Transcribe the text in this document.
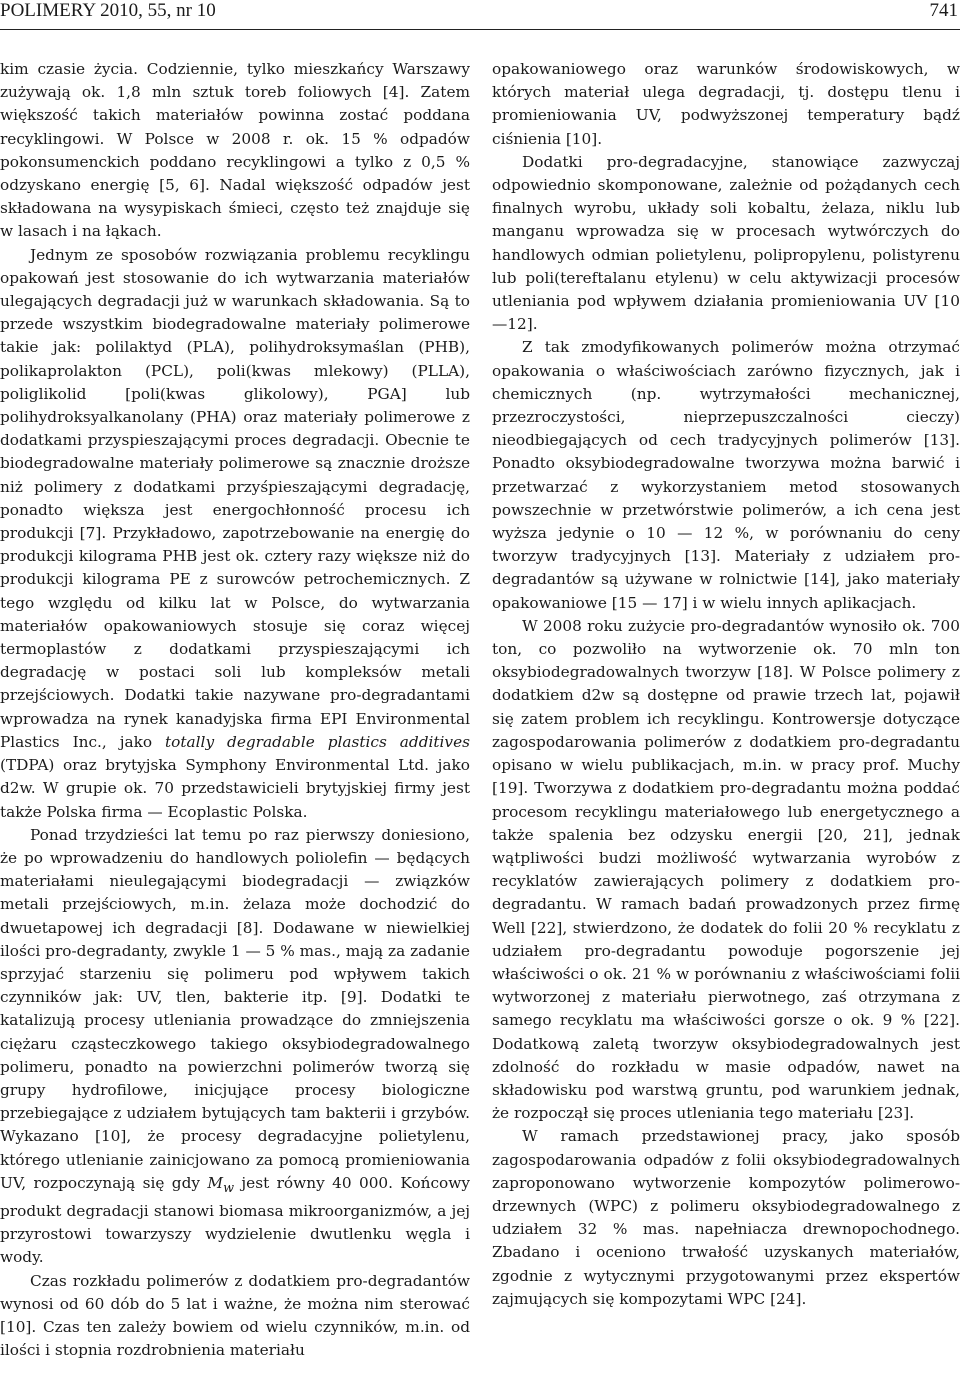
POLIMERY 2010, 55, nr 10	741

kim czasie życia. Codziennie, tylko mieszkańcy Warszawy zużywają ok. 1,8 mln sztuk toreb foliowych [4]. Zatem większość takich materiałów powinna zostać poddana recyklingowi. W Polsce w 2008 r. ok. 15 % odpadów pokonsumenckich poddano recyklingowi a tylko z 0,5 % odzyskano energię [5, 6]. Nadal większość odpadów jest składowana na wysypiskach śmieci, często też znajduje się w lasach i na łąkach.

Jednym ze sposobów rozwiązania problemu recyklingu opakowań jest stosowanie do ich wytwarzania materiałów ulegających degradacji już w warunkach składowania. Są to przede wszystkim biodegradowalne materiały polimerowe takie jak: polilaktyd (PLA), polihydroksymaślan (PHB), polikaprolakton (PCL), poli(kwas mlekowy) (PLLA), poliglikolid [poli(kwas glikolowy), PGA] lub polihydroksyalkanolany (PHA) oraz materiały polimerowe z dodatkami przyspieszającymi proces degradacji. Obecnie te biodegradowalne materiały polimerowe są znacznie droższe niż polimery z dodatkami przyśpieszającymi degradację, ponadto większa jest energochłonność procesu ich produkcji [7]. Przykładowo, zapotrzebowanie na energię do produkcji kilograma PHB jest ok. cztery razy większe niż do produkcji kilograma PE z surowców petrochemicznych. Z tego względu od kilku lat w Polsce, do wytwarzania materiałów opakowaniowych stosuje się coraz więcej termoplastów z dodatkami przyspieszającymi ich degradację w postaci soli lub kompleksów metali przejściowych. Dodatki takie nazywane pro-degradantami wprowadza na rynek kanadyjska firma EPI Environmental Plastics Inc., jako totally degradable plastics additives (TDPA) oraz brytyjska Symphony Environmental Ltd. jako d2w. W grupie ok. 70 przedstawicieli brytyjskiej firmy jest także Polska firma — Ecoplastic Polska.

Ponad trzydzieści lat temu po raz pierwszy doniesiono, że po wprowadzeniu do handlowych poliolefin — będących materiałami nieulegającymi biodegradacji — związków metali przejściowych, m.in. żelaza może dochodzić do dwuetapowej ich degradacji [8]. Dodawane w niewielkiej ilości pro-degradanty, zwykle 1 — 5 % mas., mają za zadanie sprzyjać starzeniu się polimeru pod wpływem takich czynników jak: UV, tlen, bakterie itp. [9]. Dodatki te katalizują procesy utleniania prowadzące do zmniejszenia ciężaru cząsteczkowego takiego oksybiodegradowalnego polimeru, ponadto na powierzchni polimerów tworzą się grupy hydrofilowe, inicjujące procesy biologiczne przebiegające z udziałem bytujących tam bakterii i grzybów. Wykazano [10], że procesy degradacyjne polietylenu, którego utlenianie zainicjowano za pomocą promieniowania UV, rozpoczynają się gdy $M_w$ jest równy 40 000. Końcowy produkt degradacji stanowi biomasa mikroorganizmów, a jej przyrostowi towarzyszy wydzielenie dwutlenku węgla i wody.

Czas rozkładu polimerów z dodatkiem pro-degradantów wynosi od 60 dób do 5 lat i ważne, że można nim sterować [10]. Czas ten zależy bowiem od wielu czynników, m.in. od ilości i stopnia rozdrobnienia materiału

opakowaniowego oraz warunków środowiskowych, w których materiał ulega degradacji, tj. dostępu tlenu i promieniowania UV, podwyższonej temperatury bądź ciśnienia [10].

Dodatki pro-degradacyjne, stanowiące zazwyczaj odpowiednio skomponowane, zależnie od pożądanych cech finalnych wyrobu, układy soli kobaltu, żelaza, niklu lub manganu wprowadza się w procesach wytwórczych do handlowych odmian polietylenu, polipropylenu, polistyrenu lub poli(tereftalanu etylenu) w celu aktywizacji procesów utleniania pod wpływem działania promieniowania UV [10—12].

Z tak zmodyfikowanych polimerów można otrzymać opakowania o właściwościach zarówno fizycznych, jak i chemicznych (np. wytrzymałości mechanicznej, przezroczystości, nieprzepuszczalności cieczy) nieodbiegających od cech tradycyjnych polimerów [13]. Ponadto oksybiodegradowalne tworzywa można barwić i przetwarzać z wykorzystaniem metod stosowanych powszechnie w przetwórstwie polimerów, a ich cena jest wyższa jedynie o 10 — 12 %, w porównaniu do ceny tworzyw tradycyjnych [13]. Materiały z udziałem pro-degradantów są używane w rolnictwie [14], jako materiały opakowaniowe [15 — 17] i w wielu innych aplikacjach.

W 2008 roku zużycie pro-degradantów wynosiło ok. 700 ton, co pozwoliło na wytworzenie ok. 70 mln ton oksybiodegradowalnych tworzyw [18]. W Polsce polimery z dodatkiem d2w są dostępne od prawie trzech lat, pojawił się zatem problem ich recyklingu. Kontrowersje dotyczące zagospodarowania polimerów z dodatkiem pro-degradantu opisano w wielu publikacjach, m.in. w pracy prof. Muchy [19]. Tworzywa z dodatkiem pro-degradantu można poddać procesom recyklingu materiałowego lub energetycznego a także spalenia bez odzysku energii [20, 21], jednak wątpliwości budzi możliwość wytwarzania wyrobów z recyklatów zawierających polimery z dodatkiem pro-degradantu. W ramach badań prowadzonych przez firmę Well [22], stwierdzono, że dodatek do folii 20 % recyklatu z udziałem pro-degradantu powoduje pogorszenie jej właściwości o ok. 21 % w porównaniu z właściwościami folii wytworzonej z materiału pierwotnego, zaś otrzymana z samego recyklatu ma właściwości gorsze o ok. 9 % [22]. Dodatkową zaletą tworzyw oksybiodegradowalnych jest zdolność do rozkładu w masie odpadów, nawet na składowisku pod warstwą gruntu, pod warunkiem jednak, że rozpoczął się proces utleniania tego materiału [23].

W ramach przedstawionej pracy, jako sposób zagospodarowania odpadów z folii oksybiodegradowalnych zaproponowano wytworzenie kompozytów polimerowo-drzewnych (WPC) z polimeru oksybiodegradowalnego z udziałem 32 % mas. napełniacza drewnopochodnego. Zbadano i oceniono trwałość uzyskanych materiałów, zgodnie z wytycznymi przygotowanymi przez ekspertów zajmujących się kompozytami WPC [24].
